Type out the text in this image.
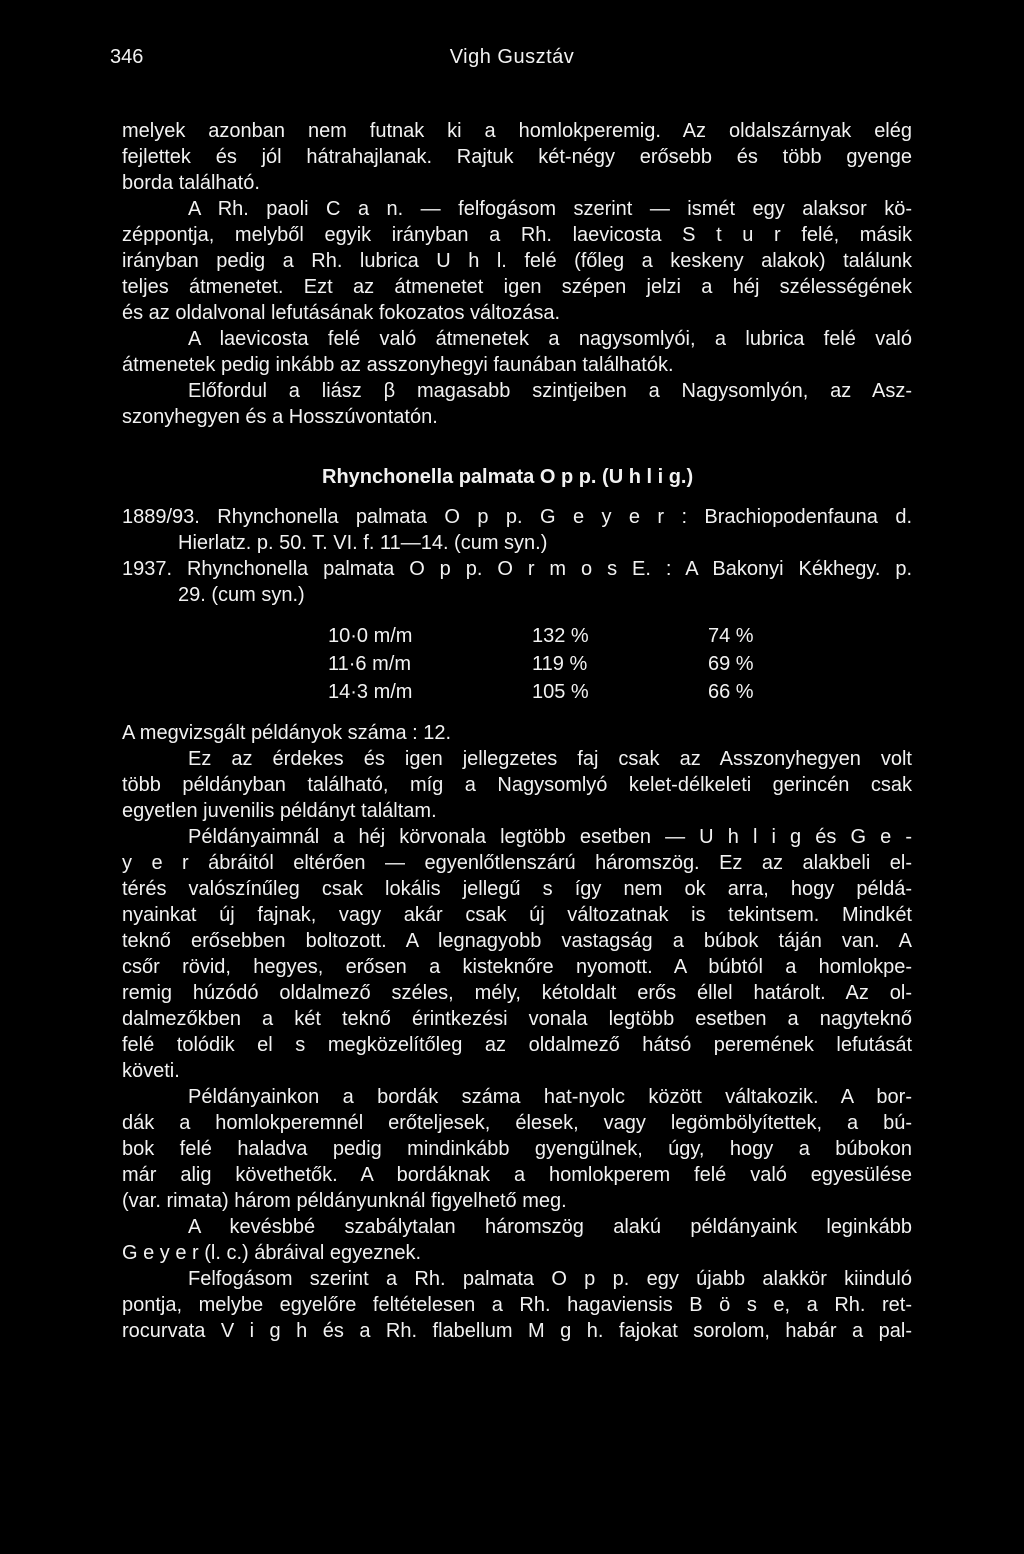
346	Vigh Gusztáv
melyek azonban nem futnak ki a homlokperemig. Az oldalszárnyak elég
fejlettek és jól hátrahajlanak. Rajtuk két-négy erősebb és több gyenge
borda található.
A Rh. paoli C a n. — felfogásom szerint — ismét egy alaksor kö-
zéppontja, melyből egyik irányban a Rh. laevicosta S t u r felé, másik
irányban pedig a Rh. lubrica U h l. felé (főleg a keskeny alakok) találunk
teljes átmenetet. Ezt az átmenetet igen szépen jelzi a héj szélességének
és az oldalvonal lefutásának fokozatos változása.
A laevicosta felé való átmenetek a nagysomlyói, a lubrica felé való
átmenetek pedig inkább az asszonyhegyi faunában találhatók.
Előfordul a liász β magasabb szintjeiben a Nagysomlyón, az Asz-
szonyhegyen és a Hosszúvontatón.
Rhynchonella palmata O p p. (U h l i g.)
1889/93. Rhynchonella palmata O p p. G e y e r : Brachiopodenfauna d.
Hierlatz. p. 50. T. VI. f. 11—14. (cum syn.)
1937. Rhynchonella palmata O p p. O r m o s E. : A Bakonyi Kékhegy. p.
29. (cum syn.)
10·0 m/m	132 %	74 %
11·6 m/m	119 %	69 %
14·3 m/m	105 %	66 %
A megvizsgált példányok száma : 12.
Ez az érdekes és igen jellegzetes faj csak az Asszonyhegyen volt
több példányban található, míg a Nagysomlyó kelet-délkeleti gerincén csak
egyetlen juvenilis példányt találtam.
Példányaimnál a héj körvonala legtöbb esetben — U h l i g és G e -
y e r ábráitól eltérően — egyenlőtlenszárú háromszög. Ez az alakbeli el-
térés valószínűleg csak lokális jellegű s így nem ok arra, hogy példá-
nyainkat új fajnak, vagy akár csak új változatnak is tekintsem. Mindkét
teknő erősebben boltozott. A legnagyobb vastagság a búbok táján van. A
csőr rövid, hegyes, erősen a kisteknőre nyomott. A búbtól a homlokpe-
remig húzódó oldalmező széles, mély, kétoldalt erős éllel határolt. Az ol-
dalmezőkben a két teknő érintkezési vonala legtöbb esetben a nagyteknő
felé tolódik el s megközelítőleg az oldalmező hátsó peremének lefutását
követi.
Példányainkon a bordák száma hat-nyolc között váltakozik. A bor-
dák a homlokperemnél erőteljesek, élesek, vagy legömbölyítettek, a bú-
bok felé haladva pedig mindinkább gyengülnek, úgy, hogy a búbokon
már alig követhetők. A bordáknak a homlokperem felé való egyesülése
(var. rimata) három példányunknál figyelhető meg.
A kevésbbé szabálytalan háromszög alakú példányaink leginkább
G e y e r (l. c.) ábráival egyeznek.
Felfogásom szerint a Rh. palmata O p p. egy újabb alakkör kiinduló
pontja, melybe egyelőre feltételesen a Rh. hagaviensis B ö s e, a Rh. ret-
rocurvata V i g h és a Rh. flabellum M g h. fajokat sorolom, habár a pal-
